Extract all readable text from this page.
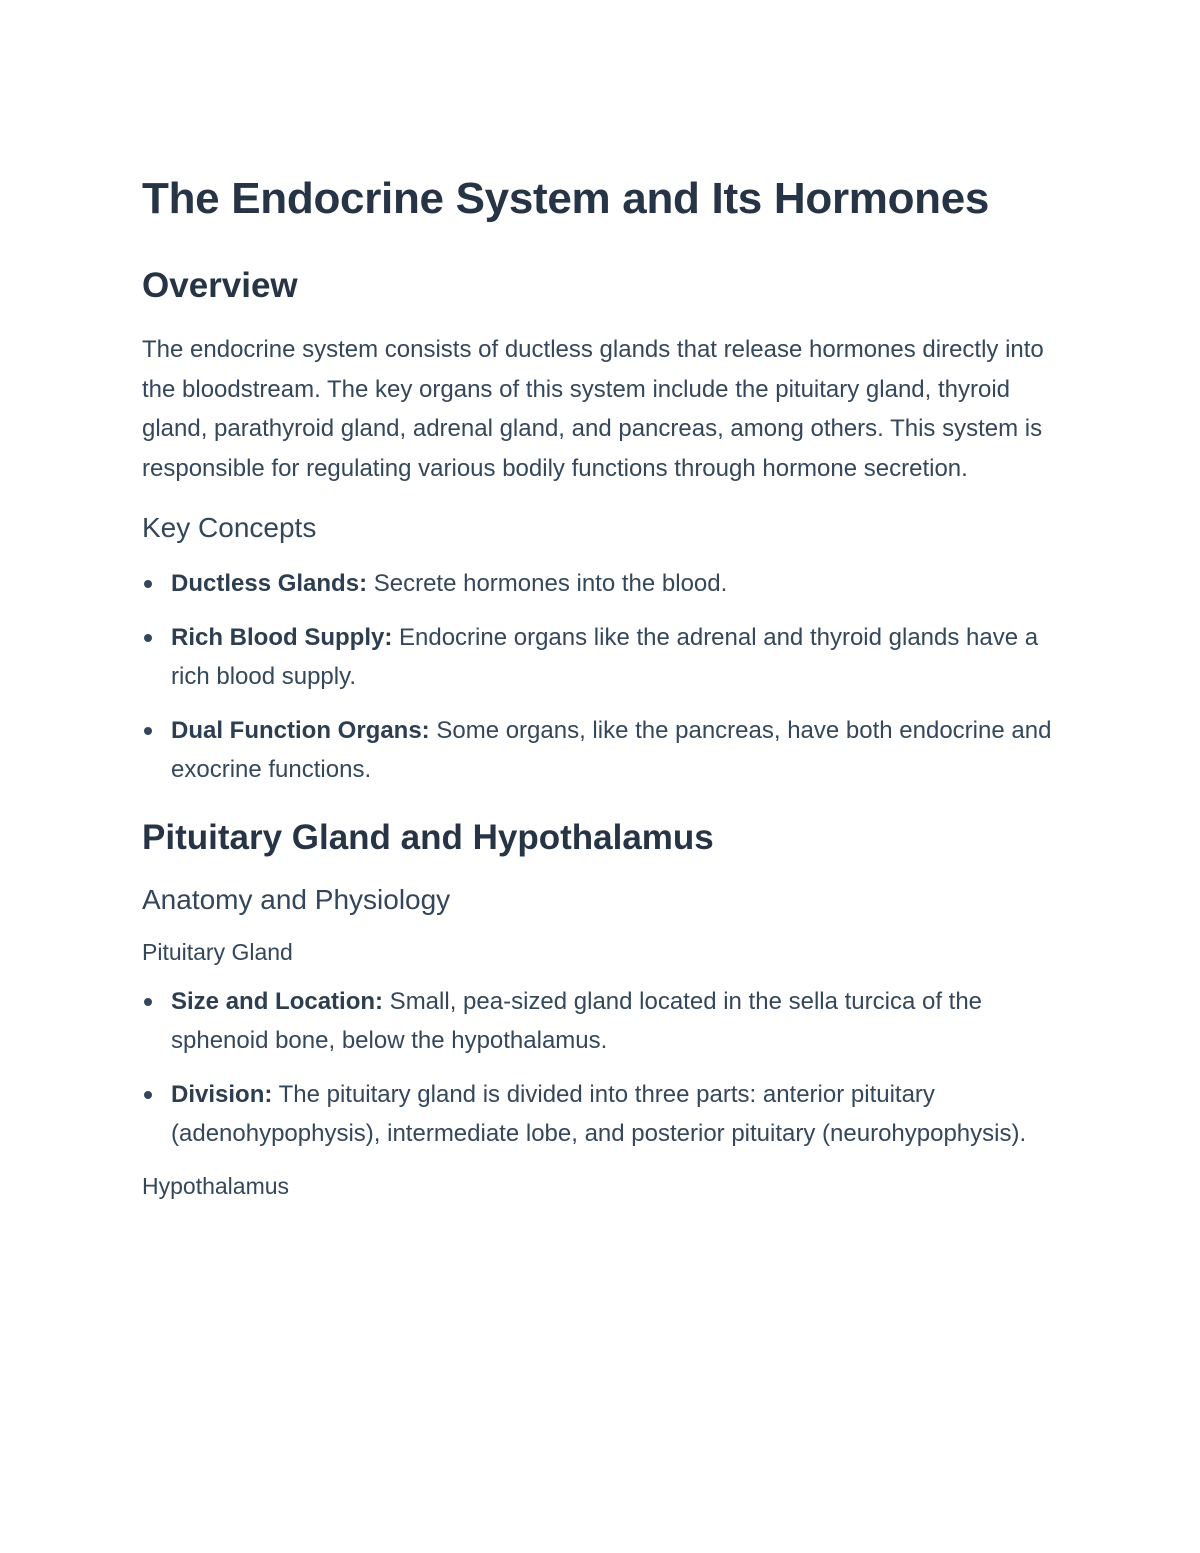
The Endocrine System and Its Hormones
Overview

The endocrine system consists of ductless glands that release hormones directly into the bloodstream. The key organs of this system include the pituitary gland, thyroid gland, parathyroid gland, adrenal gland, and pancreas, among others. This system is responsible for regulating various bodily functions through hormone secretion.

Key Concepts
Ductless Glands: Secrete hormones into the blood.
Rich Blood Supply: Endocrine organs like the adrenal and thyroid glands have a rich blood supply.
Dual Function Organs: Some organs, like the pancreas, have both endocrine and exocrine functions.
Pituitary Gland and Hypothalamus
Anatomy and Physiology
Pituitary Gland
Size and Location: Small, pea-sized gland located in the sella turcica of the sphenoid bone, below the hypothalamus.
Division: The pituitary gland is divided into three parts: anterior pituitary (adenohypophysis), intermediate lobe, and posterior pituitary (neurohypophysis).
Hypothalamus
